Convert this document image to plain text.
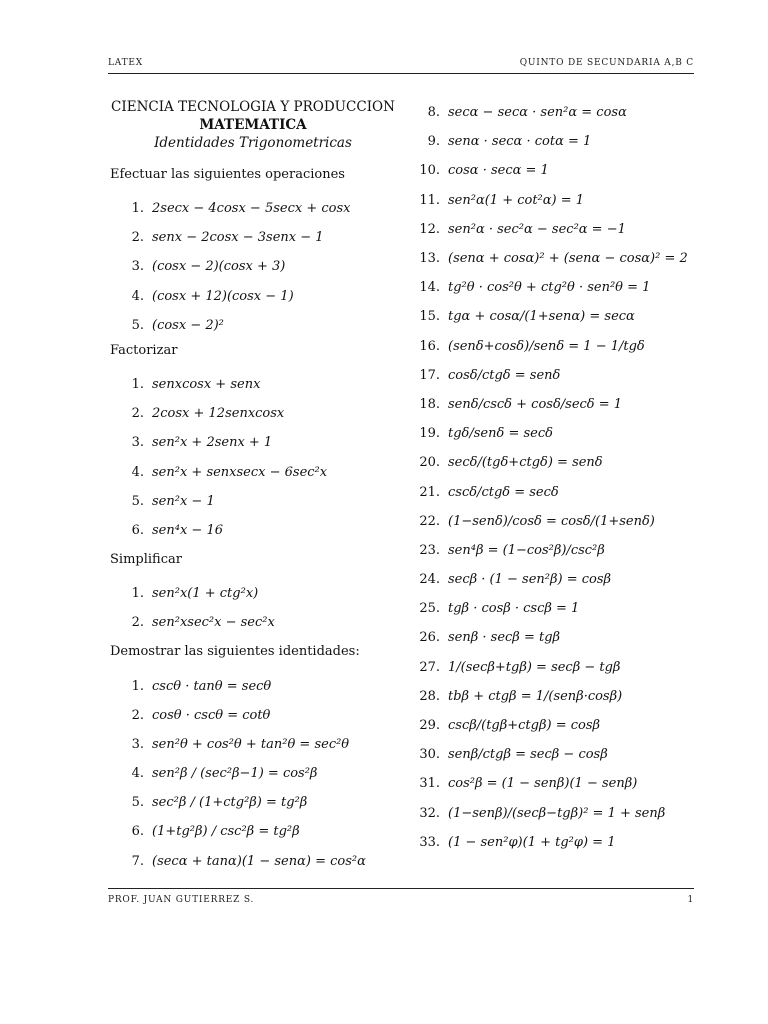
LATEX	QUINTO DE SECUNDARIA A,B C
CIENCIA TECNOLOGIA Y PRODUCCION
MATEMATICA
Identidades Trigonometricas
Efectuar las siguientes operaciones
1. 2secx − 4cosx − 5secx + cosx
2. senx − 2cosx − 3senx − 1
3. (cosx − 2)(cosx + 3)
4. (cosx + 12)(cosx − 1)
5. (cosx − 2)²
Factorizar
1. senxcosx + senx
2. 2cosx + 12senxcosx
3. sen²x + 2senx + 1
4. sen²x + senxsecx − 6sec²x
5. sen²x − 1
6. sen⁴x − 16
Simplificar
1. sen²x(1 + ctg²x)
2. sen²xsec²x − sec²x
Demostrar las siguientes identidades:
1. cscθ · tanθ = secθ
2. cosθ · cscθ = cotθ
3. sen²θ + cos²θ + tan²θ = sec²θ
4. sen²β / (sec²β−1) = cos²β
5. sec²β / (1+ctg²β) = tg²β
6. (1+tg²β) / csc²β = tg²β
7. (secα + tanα)(1 − senα) = cos²α
8. secα − secα · sen²α = cosα
9. senα · secα · cotα = 1
10. cosα · secα = 1
11. sen²α(1 + cot²α) = 1
12. sen²α · sec²α − sec²α = −1
13. (senα + cosα)² + (senα − cosα)² = 2
14. tg²θ · cos²θ + ctg²θ · sen²θ = 1
15. tgα + cosα/(1+senα) = secα
16. (senδ+cosδ)/senδ = 1 − 1/tgδ
17. cosδ/ctgδ = senδ
18. senδ/cscδ + cosδ/secδ = 1
19. tgδ/senδ = secδ
20. secδ/(tgδ+ctgδ) = senδ
21. cscδ/ctgδ = secδ
22. (1−senδ)/cosδ = cosδ/(1+senδ)
23. sen⁴β = (1−cos²β)/csc²β
24. secβ · (1 − sen²β) = cosβ
25. tgβ · cosβ · cscβ = 1
26. senβ · secβ = tgβ
27. 1/(secβ+tgβ) = secβ − tgβ
28. tbβ + ctgβ = 1/(senβ·cosβ)
29. cscβ/(tgβ+ctgβ) = cosβ
30. senβ/ctgβ = secβ − cosβ
31. cos²β = (1 − senβ)(1 − senβ)
32. (1−senβ)/(secβ−tgβ)² = 1 + senβ
33. (1 − sen²φ)(1 + tg²φ) = 1
PROF. JUAN GUTIERREZ S.	1
